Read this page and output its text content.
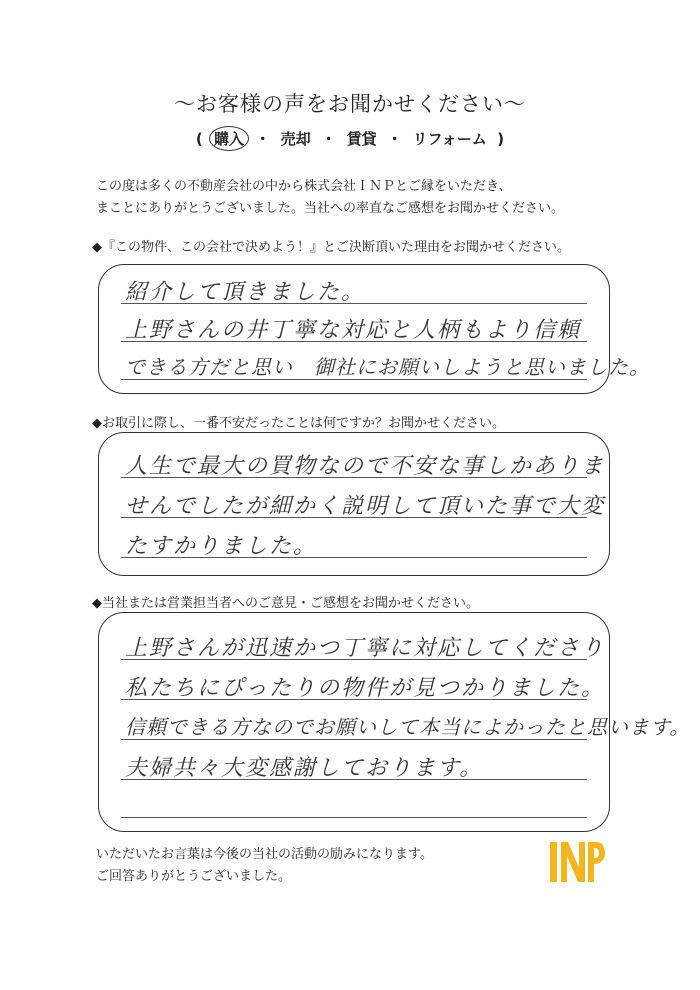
～お客様の声をお聞かせください～
( 購入 ・ 売却 ・ 賃貸 ・ リフォーム )
この度は多くの不動産会社の中から株式会社ＩＮＰとご縁をいただき、
まことにありがとうございました。当社への率直なご感想をお聞かせください。
◆『この物件、この会社で決めよう！』とご決断頂いた理由をお聞かせください。
紹介して頂きました。
上野さんの井丁寧な対応と人柄もより信頼
できる方だと思い　御社にお願いしようと思いました。
◆お取引に際し、一番不安だったことは何ですか？お聞かせください。
人生で最大の買物なので不安な事しかありま
せんでしたが細かく説明して頂いた事で大変
たすかりました。
◆当社または営業担当者へのご意見・ご感想をお聞かせください。
上野さんが迅速かつ丁寧に対応してくださり
私たちにぴったりの物件が見つかりました。
信頼できる方なのでお願いして本当によかったと思います。
夫婦共々大変感謝しております。
いただいたお言葉は今後の当社の活動の励みになります。
ご回答ありがとうございました。
